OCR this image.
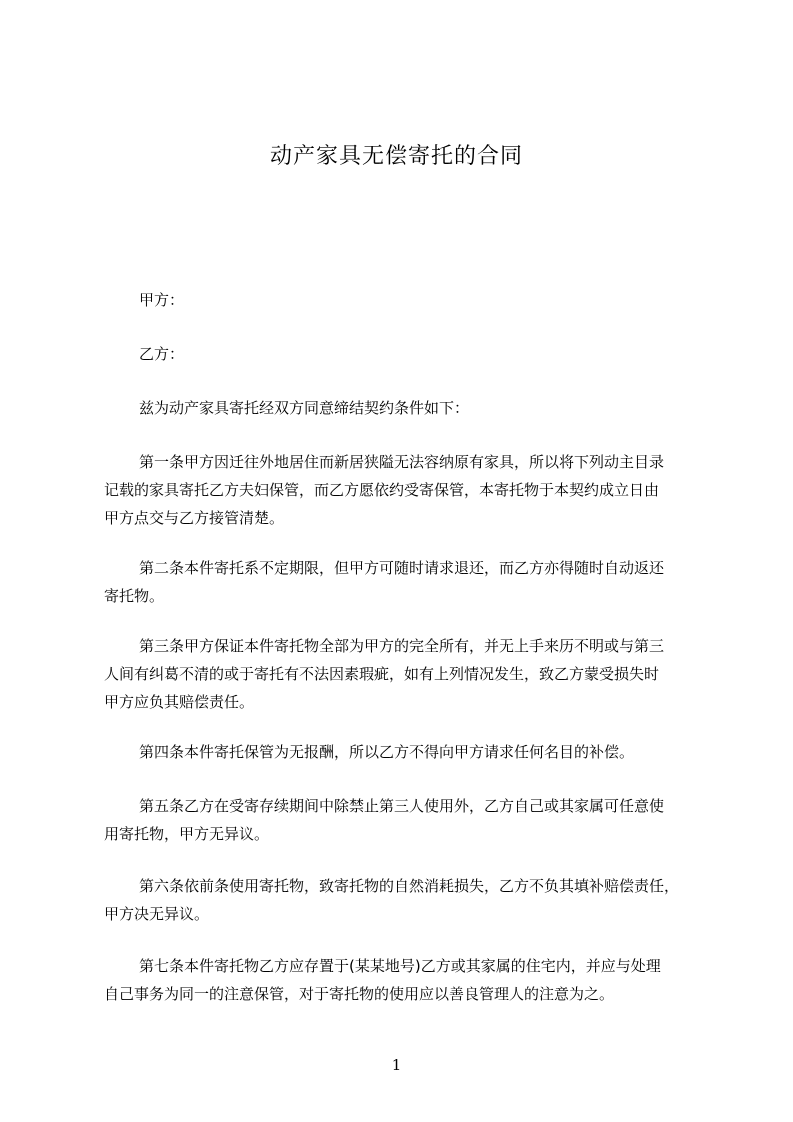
动产家具无偿寄托的合同
甲方：
乙方：
兹为动产家具寄托经双方同意缔结契约条件如下：
第一条甲方因迁往外地居住而新居狭隘无法容纳原有家具，所以将下列动主目录
记载的家具寄托乙方夫妇保管，而乙方愿依约受寄保管，本寄托物于本契约成立日由
甲方点交与乙方接管清楚。
第二条本件寄托系不定期限，但甲方可随时请求退还，而乙方亦得随时自动返还
寄托物。
第三条甲方保证本件寄托物全部为甲方的完全所有，并无上手来历不明或与第三
人间有纠葛不清的或于寄托有不法因素瑕疵，如有上列情况发生，致乙方蒙受损失时
甲方应负其赔偿责任。
第四条本件寄托保管为无报酬，所以乙方不得向甲方请求任何名目的补偿。
第五条乙方在受寄存续期间中除禁止第三人使用外，乙方自己或其家属可任意使
用寄托物，甲方无异议。
第六条依前条使用寄托物，致寄托物的自然消耗损失，乙方不负其填补赔偿责任，
甲方决无异议。
第七条本件寄托物乙方应存置于(某某地号)乙方或其家属的住宅内，并应与处理
自己事务为同一的注意保管，对于寄托物的使用应以善良管理人的注意为之。
1
